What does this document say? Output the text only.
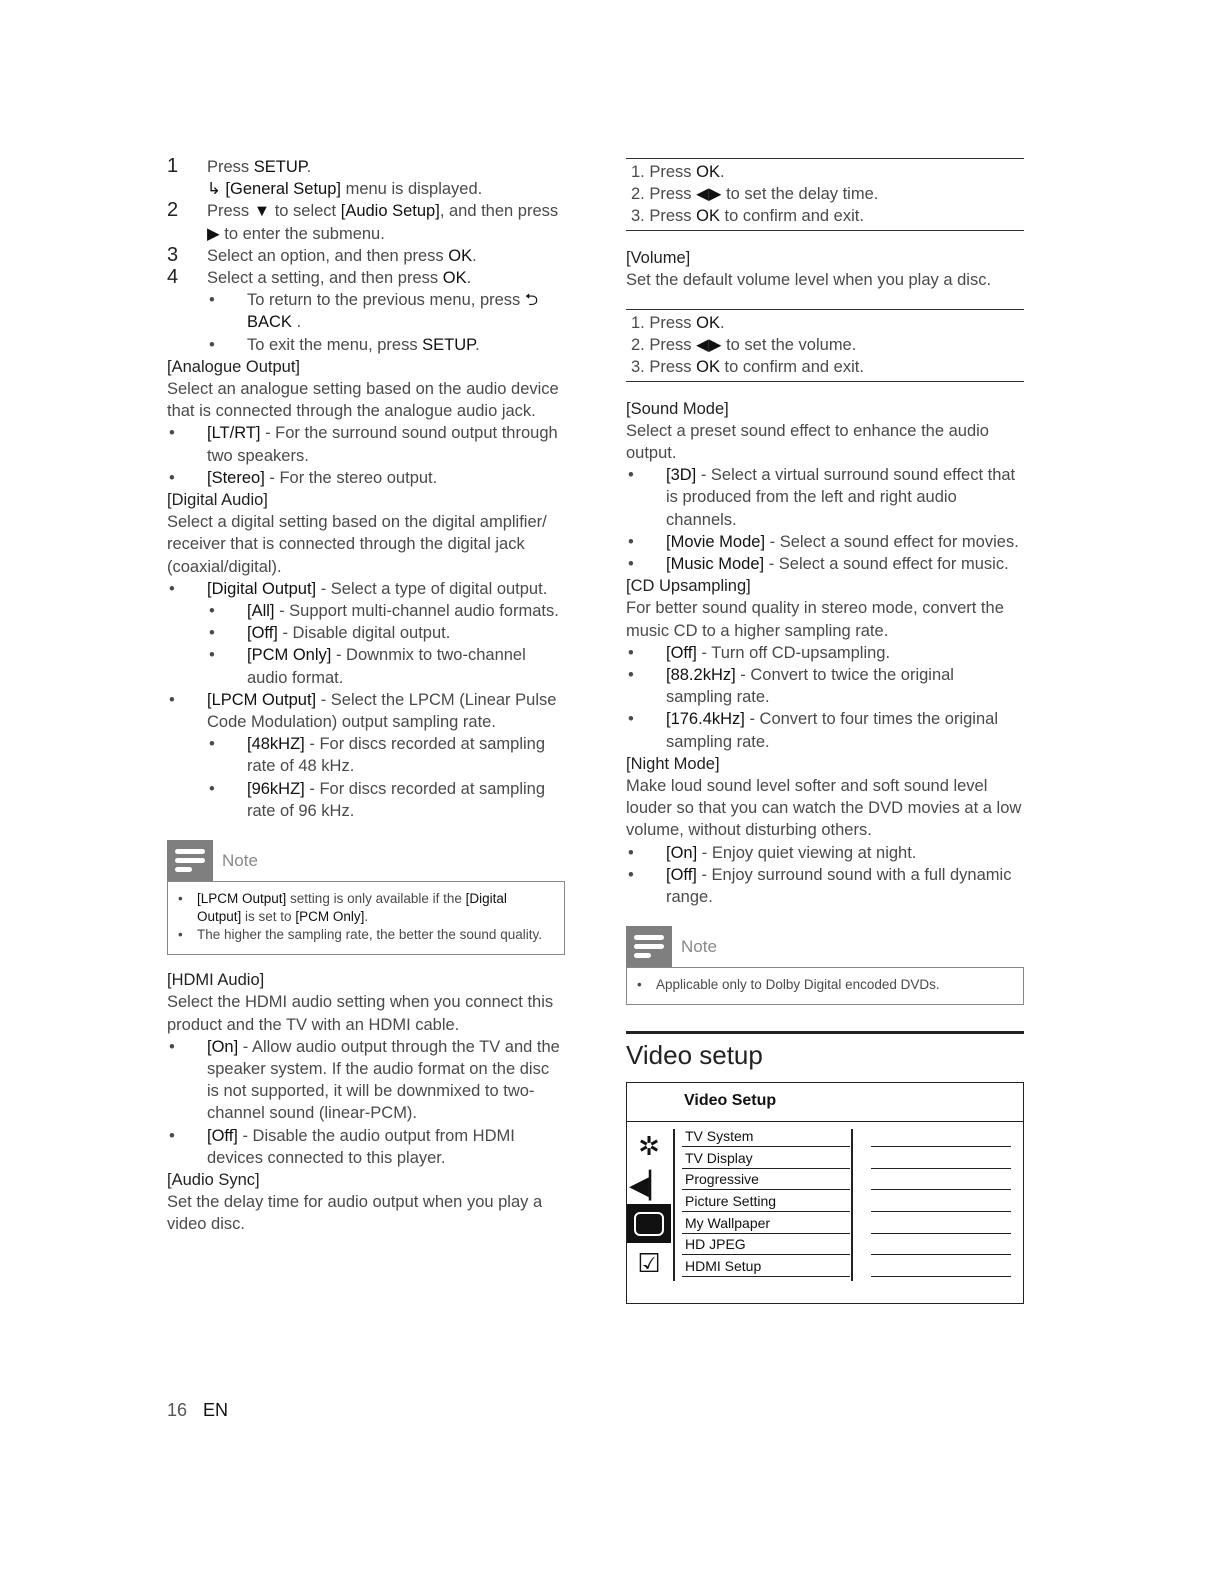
1 Press SETUP.
↳ [General Setup] menu is displayed.
2 Press ▼ to select [Audio Setup], and then press ▶ to enter the submenu.
3 Select an option, and then press OK.
4 Select a setting, and then press OK.
• To return to the previous menu, press ⮌ BACK .
• To exit the menu, press SETUP.
[Analogue Output]
Select an analogue setting based on the audio device that is connected through the analogue audio jack.
• [LT/RT] - For the surround sound output through two speakers.
• [Stereo] - For the stereo output.
[Digital Audio]
Select a digital setting based on the digital amplifier/ receiver that is connected through the digital jack (coaxial/digital).
• [Digital Output] - Select a type of digital output.
• [All] - Support multi-channel audio formats.
• [Off] - Disable digital output.
• [PCM Only] - Downmix to two-channel audio format.
• [LPCM Output] - Select the LPCM (Linear Pulse Code Modulation) output sampling rate.
• [48kHZ] - For discs recorded at sampling rate of 48 kHz.
• [96kHZ] - For discs recorded at sampling rate of 96 kHz.
Note
• [LPCM Output] setting is only available if the [Digital Output] is set to [PCM Only].
• The higher the sampling rate, the better the sound quality.
[HDMI Audio]
Select the HDMI audio setting when you connect this product and the TV with an HDMI cable.
• [On] - Allow audio output through the TV and the speaker system. If the audio format on the disc is not supported, it will be downmixed to two-channel sound (linear-PCM).
• [Off] - Disable the audio output from HDMI devices connected to this player.
[Audio Sync]
Set the delay time for audio output when you play a video disc.
1. Press OK.
2. Press ◀▶ to set the delay time.
3. Press OK to confirm and exit.
[Volume]
Set the default volume level when you play a disc.
1. Press OK.
2. Press ◀▶ to set the volume.
3. Press OK to confirm and exit.
[Sound Mode]
Select a preset sound effect to enhance the audio output.
• [3D] - Select a virtual surround sound effect that is produced from the left and right audio channels.
• [Movie Mode] - Select a sound effect for movies.
• [Music Mode] - Select a sound effect for music.
[CD Upsampling]
For better sound quality in stereo mode, convert the music CD to a higher sampling rate.
• [Off] - Turn off CD-upsampling.
• [88.2kHz] - Convert to twice the original sampling rate.
• [176.4kHz] - Convert to four times the original sampling rate.
[Night Mode]
Make loud sound level softer and soft sound level louder so that you can watch the DVD movies at a low volume, without disturbing others.
• [On] - Enjoy quiet viewing at night.
• [Off] - Enjoy surround sound with a full dynamic range.
Note
• Applicable only to Dolby Digital encoded DVDs.
Video setup
Video Setup
✲
◀▏
☑
TV System
TV Display
Progressive
Picture Setting
My Wallpaper
HD JPEG
HDMI Setup
16 EN
